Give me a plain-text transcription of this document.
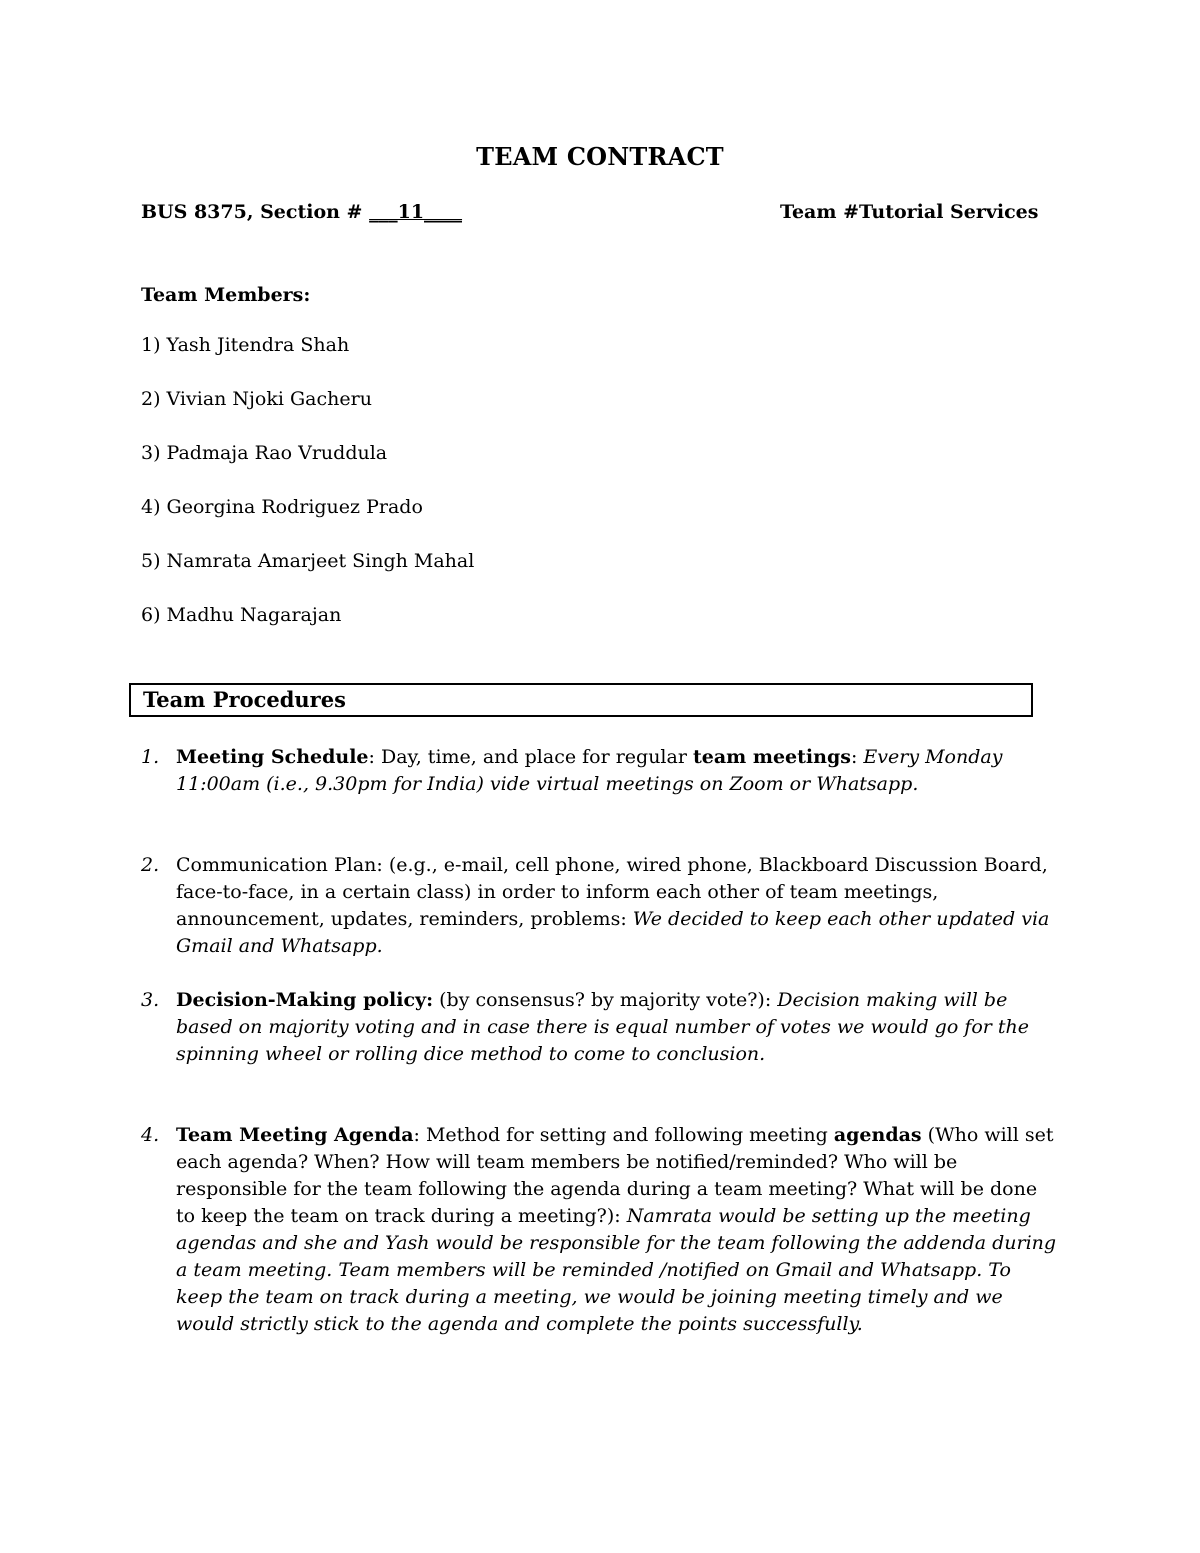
TEAM CONTRACT
BUS 8375, Section # ___11____	Team #Tutorial Services
Team Members:
1) Yash Jitendra Shah
2) Vivian Njoki Gacheru
3) Padmaja Rao Vruddula
4) Georgina Rodriguez Prado
5) Namrata Amarjeet Singh Mahal
6) Madhu Nagarajan
Team Procedures
1. Meeting Schedule: Day, time, and place for regular team meetings: Every Monday 11:00am (i.e., 9.30pm for India) vide virtual meetings on Zoom or Whatsapp.
2. Communication Plan: (e.g., e-mail, cell phone, wired phone, Blackboard Discussion Board, face-to-face, in a certain class) in order to inform each other of team meetings, announcement, updates, reminders, problems: We decided to keep each other updated via Gmail and Whatsapp.
3. Decision-Making policy: (by consensus? by majority vote?): Decision making will be based on majority voting and in case there is equal number of votes we would go for the spinning wheel or rolling dice method to come to conclusion.
4. Team Meeting Agenda: Method for setting and following meeting agendas (Who will set each agenda? When? How will team members be notified/reminded? Who will be responsible for the team following the agenda during a team meeting? What will be done to keep the team on track during a meeting?): Namrata would be setting up the meeting agendas and she and Yash would be responsible for the team following the addenda during a team meeting. Team members will be reminded /notified on Gmail and Whatsapp. To keep the team on track during a meeting, we would be joining meeting timely and we would strictly stick to the agenda and complete the points successfully.
